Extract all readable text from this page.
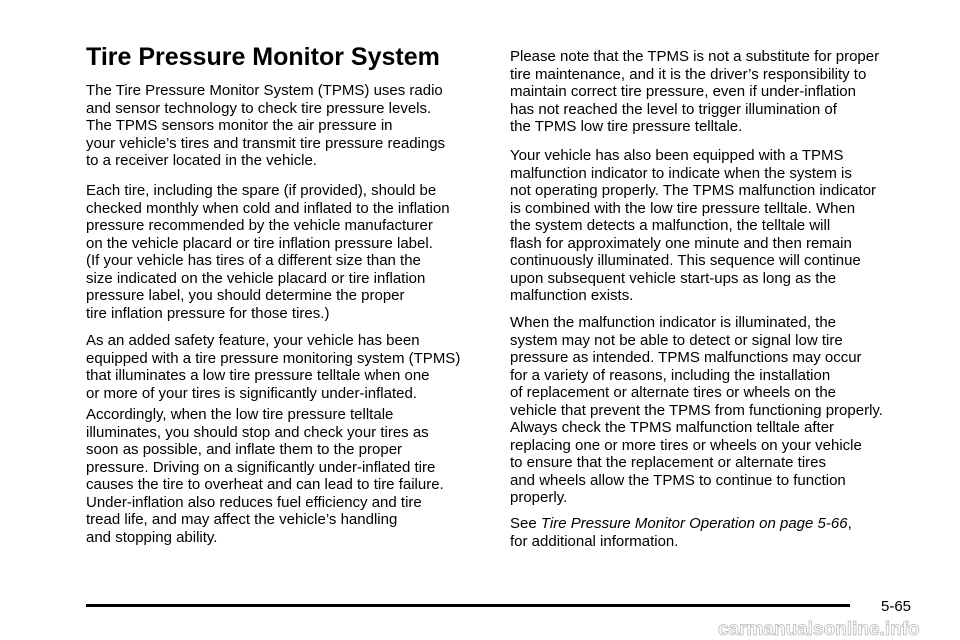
Tire Pressure Monitor System

The Tire Pressure Monitor System (TPMS) uses radio
and sensor technology to check tire pressure levels.
The TPMS sensors monitor the air pressure in
your vehicle’s tires and transmit tire pressure readings
to a receiver located in the vehicle.

Each tire, including the spare (if provided), should be
checked monthly when cold and inflated to the inflation
pressure recommended by the vehicle manufacturer
on the vehicle placard or tire inflation pressure label.
(If your vehicle has tires of a different size than the
size indicated on the vehicle placard or tire inflation
pressure label, you should determine the proper
tire inflation pressure for those tires.)

As an added safety feature, your vehicle has been
equipped with a tire pressure monitoring system (TPMS)
that illuminates a low tire pressure telltale when one
or more of your tires is significantly under-inflated.

Accordingly, when the low tire pressure telltale
illuminates, you should stop and check your tires as
soon as possible, and inflate them to the proper
pressure. Driving on a significantly under-inflated tire
causes the tire to overheat and can lead to tire failure.
Under-inflation also reduces fuel efficiency and tire
tread life, and may affect the vehicle’s handling
and stopping ability.

Please note that the TPMS is not a substitute for proper
tire maintenance, and it is the driver’s responsibility to
maintain correct tire pressure, even if under-inflation
has not reached the level to trigger illumination of
the TPMS low tire pressure telltale.

Your vehicle has also been equipped with a TPMS
malfunction indicator to indicate when the system is
not operating properly. The TPMS malfunction indicator
is combined with the low tire pressure telltale. When
the system detects a malfunction, the telltale will
flash for approximately one minute and then remain
continuously illuminated. This sequence will continue
upon subsequent vehicle start-ups as long as the
malfunction exists.

When the malfunction indicator is illuminated, the
system may not be able to detect or signal low tire
pressure as intended. TPMS malfunctions may occur
for a variety of reasons, including the installation
of replacement or alternate tires or wheels on the
vehicle that prevent the TPMS from functioning properly.
Always check the TPMS malfunction telltale after
replacing one or more tires or wheels on your vehicle
to ensure that the replacement or alternate tires
and wheels allow the TPMS to continue to function
properly.

See Tire Pressure Monitor Operation on page 5-66,
for additional information.

5-65
carmanualsonline.info
